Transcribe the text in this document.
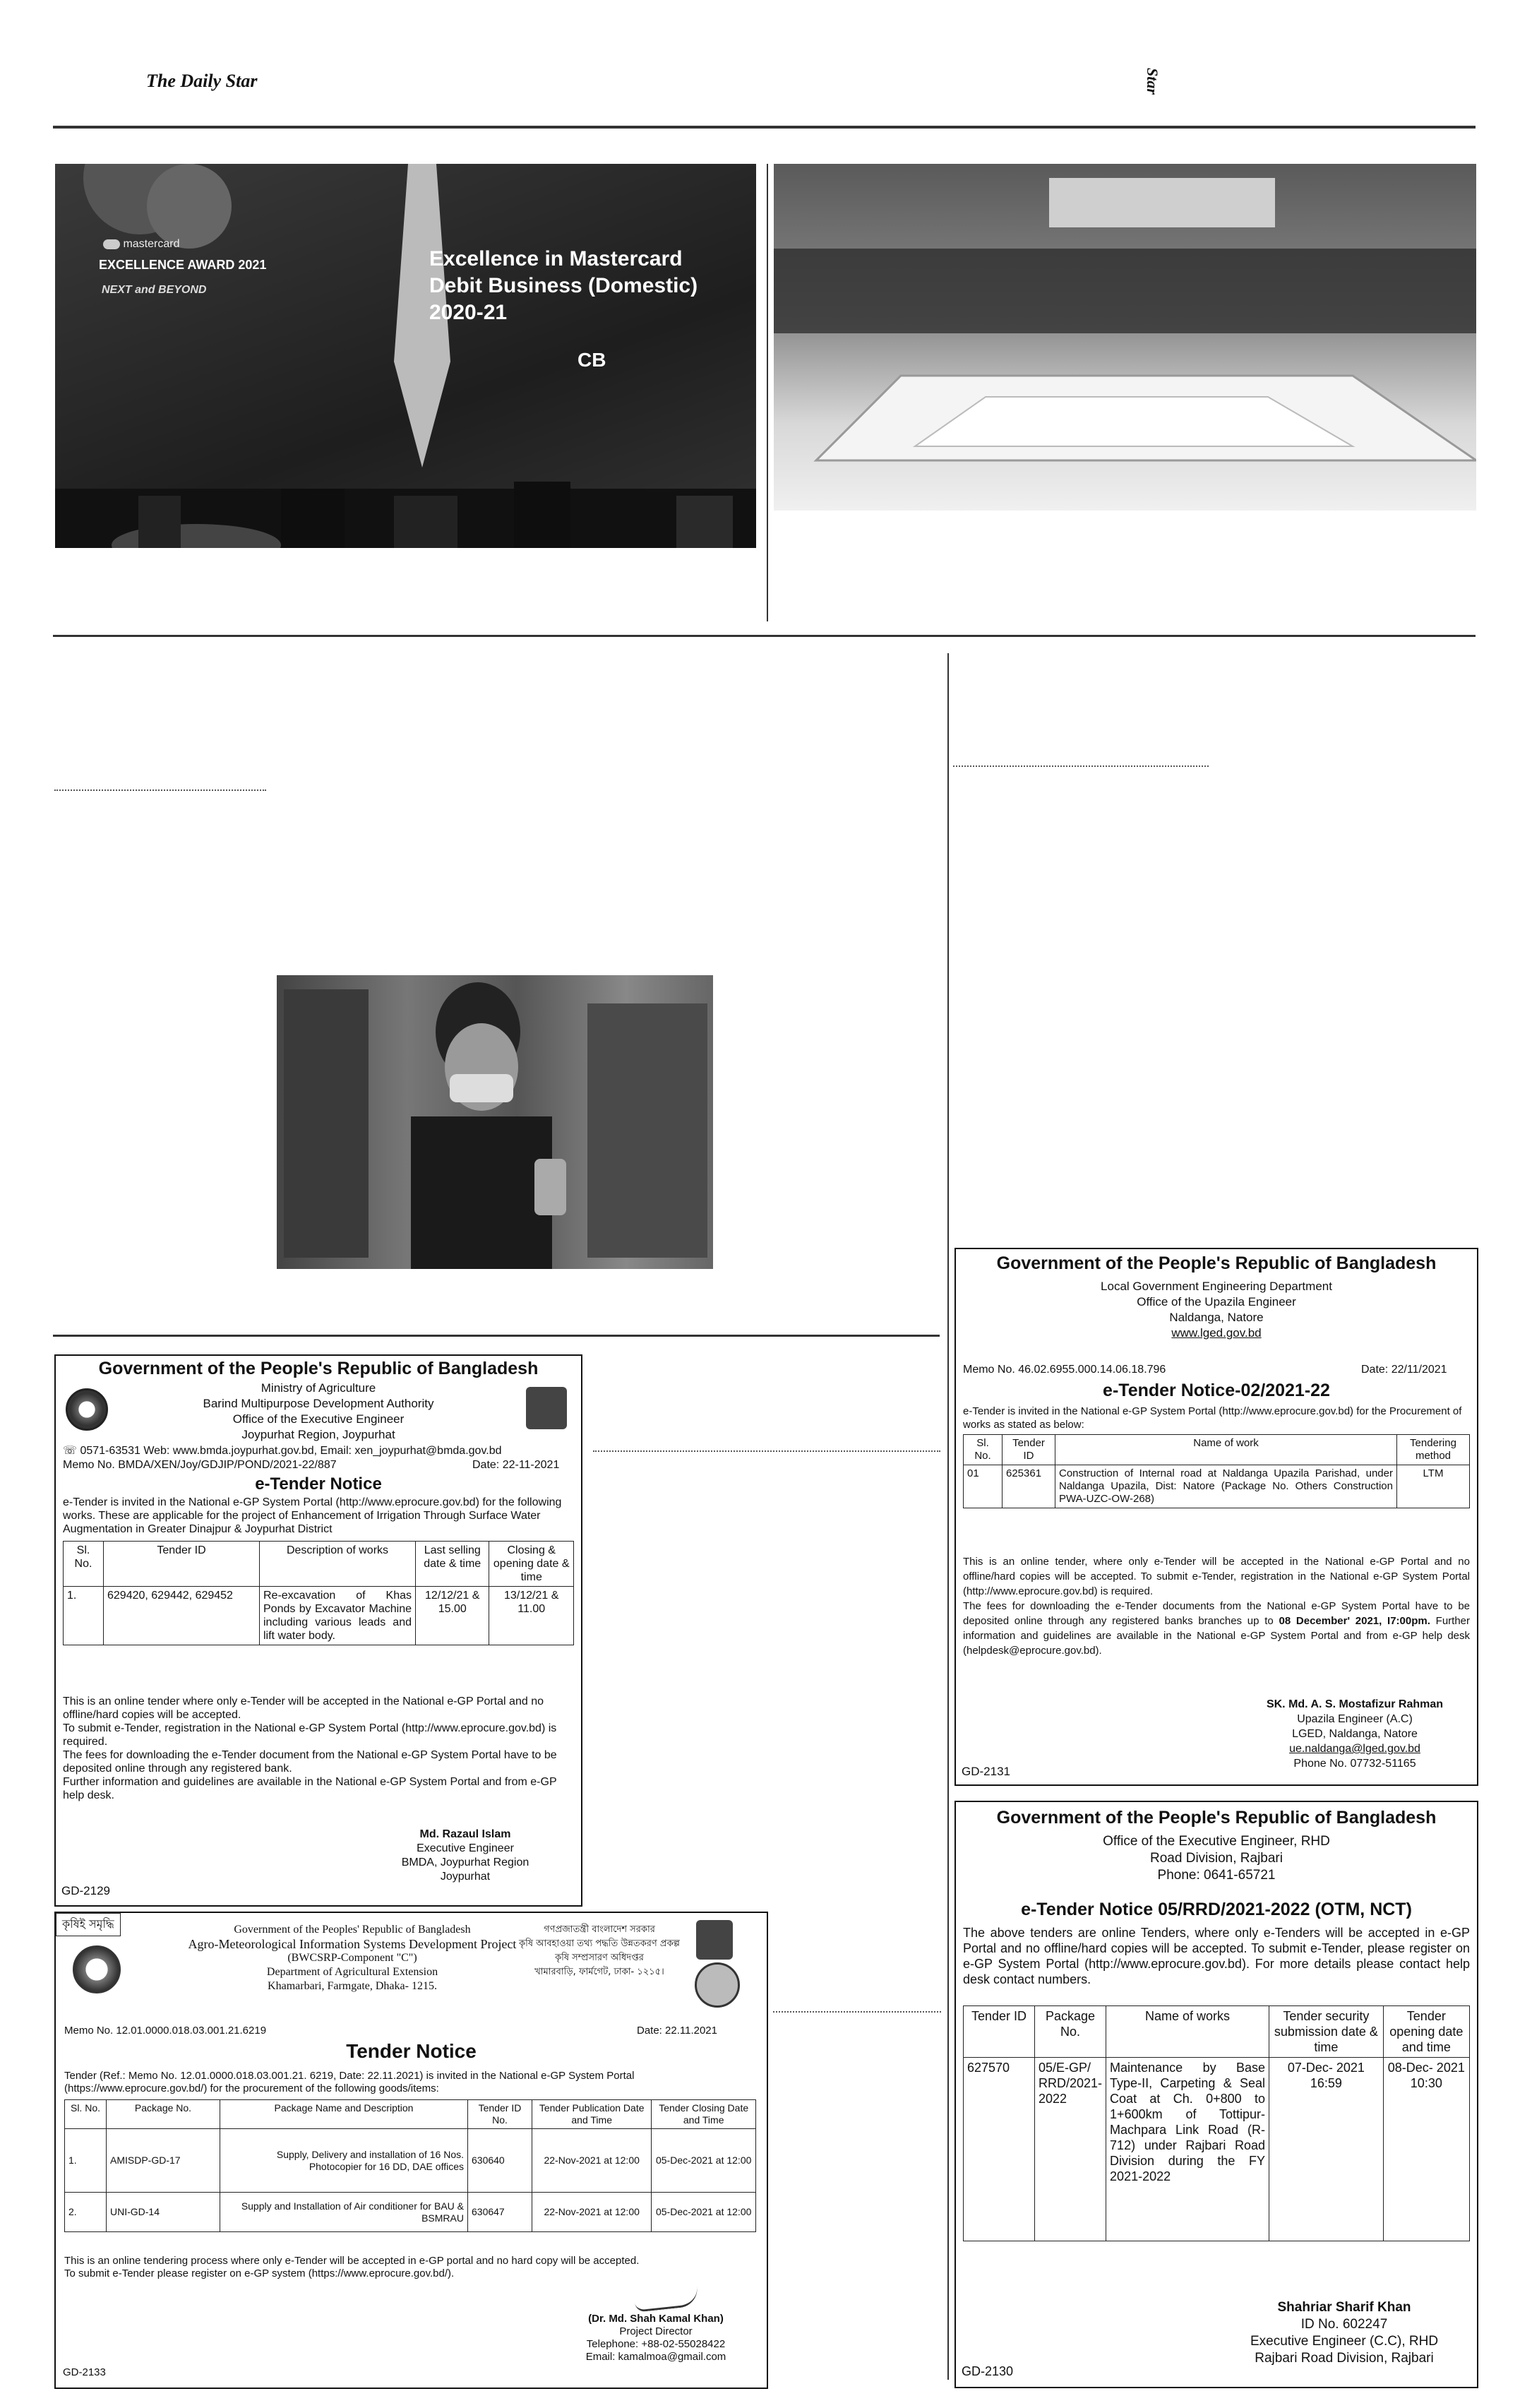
The Daily Star	Star
mastercard
EXCELLENCE AWARD 2021
NEXT and BEYOND
Excellence in Mastercard
Debit Business (Domestic)
2020-21
CB
Government of the People's Republic of Bangladesh
Ministry of Agriculture
Barind Multipurpose Development Authority
Office of the Executive Engineer
Joypurhat Region, Joypurhat
☏ 0571-63531 Web: www.bmda.joypurhat.gov.bd, Email: xen_joypurhat@bmda.gov.bd
Memo No. BMDA/XEN/Joy/GDJIP/POND/2021-22/887	Date: 22-11-2021
e-Tender Notice
e-Tender is invited in the National e-GP System Portal (http://www.eprocure.gov.bd) for the following works. These are applicable for the project of Enhancement of Irrigation Through Surface Water Augmentation in Greater Dinajpur & Joypurhat District
Sl. No.	Tender ID	Description of works	Last selling date & time	Closing & opening date & time
1.	629420, 629442, 629452	Re-excavation of Khas Ponds by Excavator Machine including various leads and lift water body.	12/12/21 & 15.00	13/12/21 & 11.00
This is an online tender where only e-Tender will be accepted in the National e-GP Portal and no offline/hard copies will be accepted.
To submit e-Tender, registration in the National e-GP System Portal (http://www.eprocure.gov.bd) is required.
The fees for downloading the e-Tender document from the National e-GP System Portal have to be deposited online through any registered bank.
Further information and guidelines are available in the National e-GP System Portal and from e-GP help desk.
Md. Razaul Islam
Executive Engineer
BMDA, Joypurhat Region
Joypurhat
GD-2129
কৃষিই সমৃদ্ধি	Government of the Peoples' Republic of Bangladesh
Agro-Meteorological Information Systems Development Project
(BWCSRP-Component "C")
Department of Agricultural Extension
Khamarbari, Farmgate, Dhaka- 1215.
গণপ্রজাতন্ত্রী বাংলাদেশ সরকার
কৃষি আবহাওয়া তথ্য পদ্ধতি উন্নতকরণ প্রকল্প
কৃষি সম্প্রসারণ অধিদপ্তর
খামারবাড়ি, ফার্মগেট, ঢাকা- ১২১৫।
Memo No. 12.01.0000.018.03.001.21.6219	Date: 22.11.2021
Tender Notice
Tender (Ref.: Memo No. 12.01.0000.018.03.001.21. 6219, Date: 22.11.2021) is invited in the National e-GP System Portal (https://www.eprocure.gov.bd/) for the procurement of the following goods/items:
Sl. No.	Package No.	Package Name and Description	Tender ID No.	Tender Publication Date and Time	Tender Closing Date and Time
1.	AMISDP-GD-17	Supply, Delivery and installation of 16 Nos. Photocopier for 16 DD, DAE offices	630640	22-Nov-2021 at 12:00	05-Dec-2021 at 12:00
2.	UNI-GD-14	Supply and Installation of Air conditioner for BAU & BSMRAU	630647	22-Nov-2021 at 12:00	05-Dec-2021 at 12:00
This is an online tendering process where only e-Tender will be accepted in e-GP portal and no hard copy will be accepted.
To submit e-Tender please register on e-GP system (https://www.eprocure.gov.bd/).
(Dr. Md. Shah Kamal Khan)
Project Director
Telephone: +88-02-55028422
Email: kamalmoa@gmail.com
GD-2133
Government of the People's Republic of Bangladesh
Local Government Engineering Department
Office of the Upazila Engineer
Naldanga, Natore
www.lged.gov.bd
Memo No. 46.02.6955.000.14.06.18.796	Date: 22/11/2021
e-Tender Notice-02/2021-22
e-Tender is invited in the National e-GP System Portal (http://www.eprocure.gov.bd) for the Procurement of works as stated as below:
Sl. No.	Tender ID	Name of work	Tendering method
01	625361	Construction of Internal road at Naldanga Upazila Parishad, under Naldanga Upazila, Dist: Natore (Package No. Others Construction PWA-UZC-OW-268)	LTM
This is an online tender, where only e-Tender will be accepted in the National e-GP Portal and no offline/hard copies will be accepted. To submit e-Tender, registration in the National e-GP System Portal (http://www.eprocure.gov.bd) is required.
The fees for downloading the e-Tender documents from the National e-GP System Portal have to be deposited online through any registered banks branches up to 08 December' 2021, I7:00pm. Further information and guidelines are available in the National e-GP System Portal and from e-GP help desk (helpdesk@eprocure.gov.bd).
SK. Md. A. S. Mostafizur Rahman
Upazila Engineer (A.C)
LGED, Naldanga, Natore
ue.naldanga@lged.gov.bd
Phone No. 07732-51165
GD-2131
Government of the People's Republic of Bangladesh
Office of the Executive Engineer, RHD
Road Division, Rajbari
Phone: 0641-65721
e-Tender Notice 05/RRD/2021-2022 (OTM, NCT)
The above tenders are online Tenders, where only e-Tenders will be accepted in e-GP Portal and no offline/hard copies will be accepted. To submit e-Tender, please register on e-GP System Portal (http://www.eprocure.gov.bd). For more details please contact help desk contact numbers.
Tender ID	Package No.	Name of works	Tender security submission date & time	Tender opening date and time
627570	05/E-GP/ RRD/2021- 2022	Maintenance by Base Type-II, Carpeting & Seal Coat at Ch. 0+800 to 1+600km of Tottipur-Machpara Link Road (R-712) under Rajbari Road Division during the FY 2021-2022	07-Dec- 2021 16:59	08-Dec- 2021 10:30
Shahriar Sharif Khan
ID No. 602247
Executive Engineer (C.C), RHD
Rajbari Road Division, Rajbari
GD-2130
